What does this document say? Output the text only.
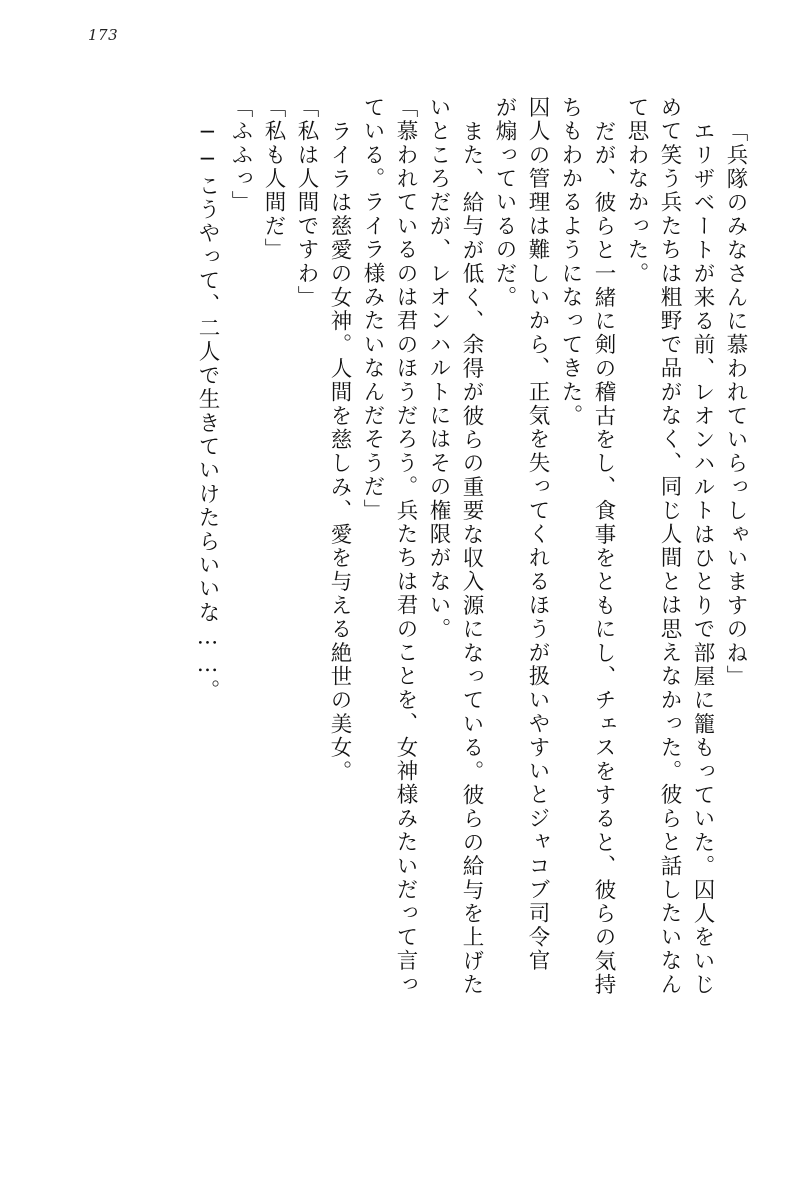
173
「兵隊のみなさんに慕われていらっしゃいますのね」
エリザベートが来る前、レオンハルトはひとりで部屋に籠もっていた。囚人をいじ
めて笑う兵たちは粗野で品がなく、同じ人間とは思えなかった。彼らと話したいなん
て思わなかった。
だが、彼らと一緒に剣の稽古をし、食事をともにし、チェスをすると、彼らの気持
ちもわかるようになってきた。
囚人の管理は難しいから、正気を失ってくれるほうが扱いやすいとジャコブ司令官
が煽っているのだ。
また、給与が低く、余得が彼らの重要な収入源になっている。彼らの給与を上げた
いところだが、レオンハルトにはその権限がない。
「慕われているのは君のほうだろう。兵たちは君のことを、女神様みたいだって言っ
ている。ライラ様みたいなんだそうだ」
ライラは慈愛の女神。人間を慈しみ、愛を与える絶世の美女。
「私は人間ですわ」
「私も人間だ」
「ふふっ」
──こうやって、二人で生きていけたらいいな……。
